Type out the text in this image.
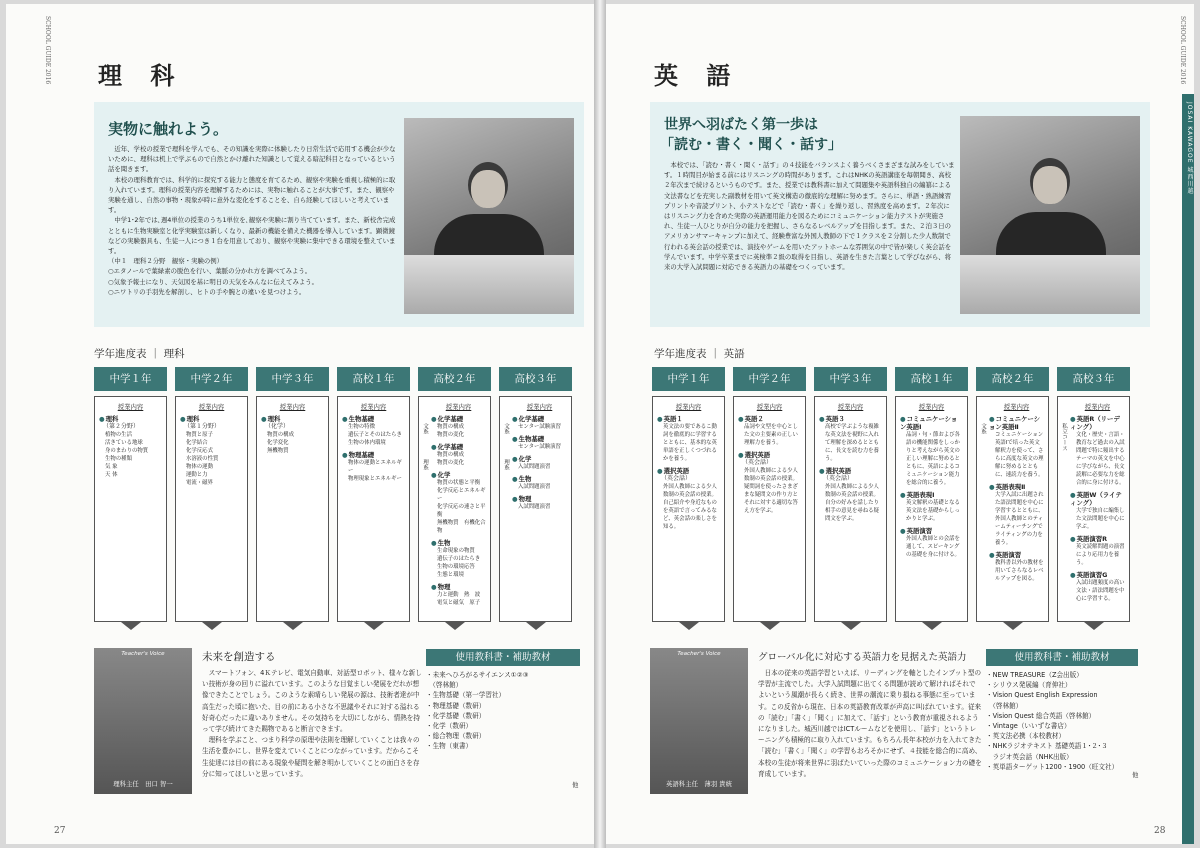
SCHOOL GUIDE 2016 理 科
実物に触れよう。

近年、学校の授業で理科を学んでも、その知識を実際に体験したり日常生活で応用する機会が少ないために、理科は机上で学ぶもので自然とかけ離れた知識として覚える暗記科目となっているという話を聞きます。

本校の理科教育では、科学的に探究する能力と態度を育てるため、観察や実験を重視し積極的に取り入れています。理科の授業内容を理解するためには、実物に触れることが大事です。また、観察や実験を通し、自然の事物・現象が時に意外な変化をすることを、自ら経験してほしいと考えています。

中学1･2年では､週4単位の授業のうち1単位を､観察や実験に割り当てています。また、新校舎完成とともに生物実験室と化学実験室は新しくなり、最新の機能を備えた機器を導入しています。顕微鏡などの実験器具も、生徒一人につき１台を用意しており、観察や実験に集中できる環境を整えています。

（中１　理科２分野　観察・実験の例）
○エタノールで葉緑素の脱色を行い、葉脈の分かれ方を調べてみよう。
○気象予報士になり、天気図を基に明日の天気をみんなに伝えてみよう。
○ニワトリの手羽先を解剖し、ヒトの手や腕との違いを見つけよう。
学年進度表 ｜ 理科
中学１年	中学２年	中学３年	高校１年	高校２年	高校３年
授業内容
● 理科
（第２分野）
植物の生活
活きている地球
身のまわりの物質
生物の種類
気 象
天 体
授業内容
● 理科
（第１分野）
物質と原子
化学結合
化学反応式
水溶液の性質
物体の運動
運動と力
電流・磁界
授業内容
● 理科
（化学）
物質の構成
化学変化
無機物質
授業内容
● 生物基礎
生物の特徴
遺伝子とそのはたらき
生物の体内環境
● 物理基礎
物体の運動とエネルギー
物理現象とエネルギー
授業内容
文系
理系
● 化学基礎
物質の構成
物質の変化
● 化学基礎
物質の構成
物質の変化
● 化学
物質の状態と平衡
化学反応とエネルギー
化学反応の速さと平衡
無機物質　有機化合物
● 生物
生命現象の物質
遺伝子のはたらき
生物の環境応答
生態と環境
● 物理
力と運動　熱　波
電気と磁気　原子
授業内容
文系
理系
● 化学基礎
センター試験演習
● 生物基礎
センター試験演習
● 化学
入試問題演習
● 生物
入試問題演習
● 物理
入試問題演習
Teacher's Voice
理科主任　田口 智一
未来を創造する

スマートフォン、4Ｋテレビ、電気自動車、対話型ロボット、様々な新しい技術が身の回りに溢れています。このような目覚ましい発展をだれが想像できたことでしょう。このような素晴らしい発展の源は、技術者達が中高生だった頃に抱いた、目の前にある小さな不思議やそれに対する溢れる好奇心だったに違いありません。その気持ちを大切にしながら、情熱を持って学び続けてきた賜物であると断言できます。

理科を学ぶこと、つまり科学の原理や法則を理解していくことは我々の生活を豊かにし、世界を変えていくことにつながっています。だからこそ生徒達には目の前にある現象や疑問を解き明かしていくことの面白さを存分に知ってほしいと思っています。

使用教科書・補助教材
・未来へひろがるサイエンス①②③
　（啓林館）
・生物基礎（第一学習社）
・物理基礎（数研）
・化学基礎（数研）
・化学（数研）
・総合物理（数研）
・生物（東書）
他
27
SCHOOL GUIDE 2016
JOSAI KAWAGOE 城西川越
英 語
世界へ羽ばたく第一歩は
「読む・書く・聞く・話す」

本校では、「読む・書く・聞く・話す」の４技能をバランスよく養うべくさまざまな試みをしています。１時間目が始まる前にはリスニングの時間があります。これはNHKの英語講座を毎朝聞き、高校２年次まで続けるというものです。また、授業では教科書に加えて問題集や英語科独自の編纂による文法書などを充実した副教材を用いて英文構造の徹底的な理解に努めます。さらに、単語・熟語練習プリントや音読プリント、小テストなどで「読む・書く」を繰り返し、習熟度を高めます。２年次にはリスニング力を含めた実際の英語運用能力を図るためにコミュニケーション能力テストが実施され、生徒一人ひとりが自分の能力を把握し、さらなるレベルアップを目指します。また、２泊３日のアメリカンサマーキャンプに加えて、経験豊富な外国人教師の下で１クラスを２分割した少人数制で行われる英会話の授業では、演技やゲームを用いたアットホームな雰囲気の中で皆が楽しく英会話を学んでいます。中学卒業までに英検準２級の取得を目指し、英語を生きた言葉として学びながら、将来の大学入試問題に対応できる英語力の基礎をつくっています。

学年進度表 ｜ 英語
中学１年	中学２年	中学３年	高校１年	高校２年	高校３年
授業内容
● 英語１
英文法の要であるこ動詞を徹底的に学習するとともに、基本的な英単語を正しくつづれるかを養う。
● 選択英語
（英会話）
外国人教師による少人数制の英会話の授業。自己紹介や身近なものを英語で言ってみるなど、英会話の楽しさを知る。
授業内容
● 英語２
品詞や文型を中心とした文の主要素の正しい理解力を養う。
● 選択英語
（英会話）
外国人教師による少人数制の英会話の授業。疑問詞を使ったさまざまな疑問文の作り方とそれに対する適切な答え方を学ぶ。
授業内容
● 英語３
高校で学ぶような複雑な英文法を視野に入れて理解を深めるとともに、長文を読む力を養う。
● 選択英語
（英会話）
外国人教師による少人数制の英会話の授業。自分の好みを話したり相手の意見を尋ねる疑問文を学ぶ。
授業内容
● コミュニケーション英語Ⅰ
品詞・句・節および各語の機能関係をしっかりと考えながら英文の正しい理解に努めるとともに、英語によるコミュニケーション能力を総合的に養う。
● 英語表現Ⅰ
英文解釈の基礎となる英文法を基礎からしっかりと学ぶ。
● 英語演習
外国人教師との会話を通して、スピーキングの基礎を身に付ける。
授業内容
文系
● コミュニケーション英語Ⅱ
コミュニケーション英語Ⅰで培った英文解釈力を使って、さらに高度な英文の理解に努めるとともに、速読力を養う。
● 英語表現Ⅱ
大学入試に出題された語法問題を中心に学習するとともに、外国人教師とのティームティーチングでライティングの力を養う。
● 英語演習
教科書以外の教材を用いてさらなるレベルアップを図る。
授業内容
私立コース
● 英語R（リーディング）
文化・歴史・言語・教育など過去の入試問題で特に頻出するテーマの英文を中心に学びながら、長文読解に必要な力を総合的に身に付ける。
● 英語W（ライティング）
大学で独自に編集した文法問題を中心に学ぶ。
● 英語演習R
英文読解問題の演習により応用力を養う。
● 英語演習G
入試出題頻度の高い文法・語法問題を中心に学習する。
Teacher's Voice
英語科主任　薄羽 貴統
グローバル化に対応する英語力を見据えた英語力

日本の従来の英語学習といえば、リーディングを軸としたインプット型の学習が主流でした。大学入試問題に出てくる問題が読めて解ければそれでよいという風潮が長らく続き、世界の潮流に乗り損ねる事態に至っています。この反省から現在、日本の英語教育改革が声高に叫ばれています。従来の「読む」「書く」「聞く」に加えて、「話す」という教育が重視されるようになりました。城西川越ではICTルームなどを使用し､「話す」というトレーニングも積極的に取り入れています。もちろん長年本校が力を入れてきた「読む」「書く」「聞く」の学習もおろそかにせず、４技能を総合的に高め、本校の生徒が将来世界に羽ばたいていった際のコミュニケーション力の礎を育成しています。

使用教科書・補助教材
・NEW TREASURE（Z会出版）
・シリウス発展編（育伸社）
・Vision Quest English Expression
　（啓林館）
・Vision Quest 総合英語（啓林館）
・Vintage（いいずな書店）
・英文法必携（本校教材）
・NHKラジオテキスト 基礎英語１･２･３
　ラジオ英会話（NHK出版）
・英単語ターゲット1200・1900（旺文社）
他
28
